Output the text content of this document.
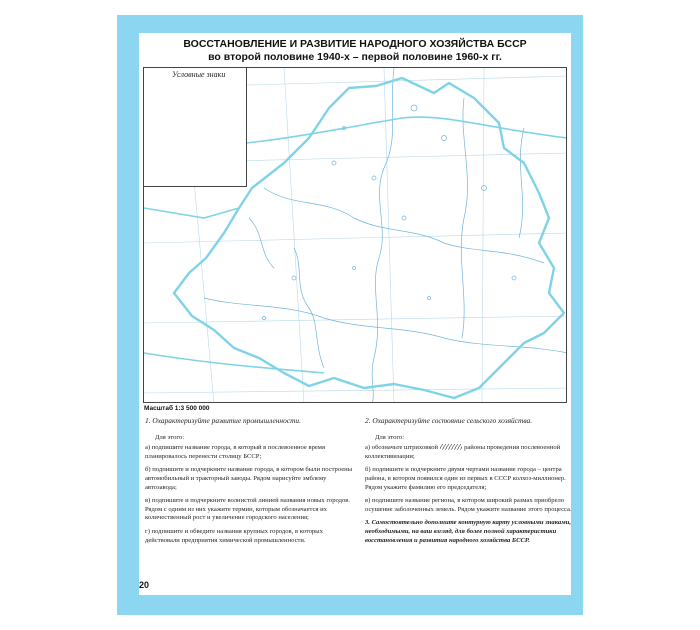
ВОССТАНОВЛЕНИЕ И РАЗВИТИЕ НАРОДНОГО ХОЗЯЙСТВА БССР
во второй половине 1940-х – первой половине 1960-х гг.
Условные знаки
Масштаб 1:3 500 000
1. Охарактеризуйте развитие промышленности.
Для этого:
а) подпишите название города, в который в послевоенное время планировалось перенести столицу БССР;
б) подпишите и подчеркните название города, в котором были построены автомобильный и тракторный заводы. Рядом нарисуйте эмблему автозавода;
в) подпишите и подчеркните волнистой линией названия новых городов. Рядом с одним из них укажите термин, которым обозначается их количественный рост и увеличение городского населения;
г) подпишите и обведите названия крупных городов, в которых действовали предприятия химической промышленности.
2. Охарактеризуйте состояние сельского хозяйства.
Для этого:
а) обозначьте штриховкой	районы проведения послевоенной коллективизации;
б) подпишите и подчеркните двумя чертами название города – центра района, в котором появился один из первых в СССР колхоз-миллионер. Рядом укажите фамилию его председателя;
в) подпишите название региона, в котором широкий размах приобрело осушение заболоченных земель. Рядом укажите название этого процесса.
3. Самостоятельно дополните контурную карту условными знаками, необходимыми, на ваш взгляд, для более полной характеристики восстановления и развития народного хозяйства БССР.
20
